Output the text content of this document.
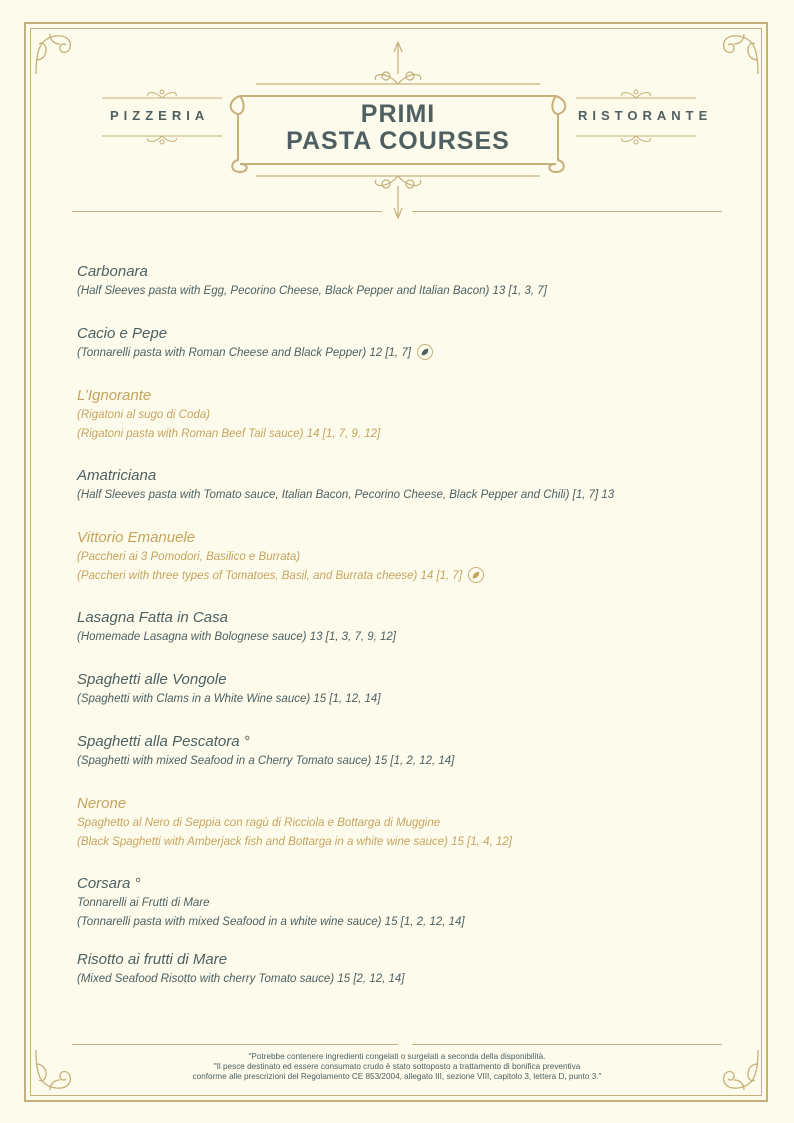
PIZZERIA	RISTORANTE
PRIMI
PASTA COURSES
Carbonara
(Half Sleeves pasta with Egg, Pecorino Cheese, Black Pepper and Italian Bacon) 13 [1, 3, 7]
Cacio e Pepe
(Tonnarelli pasta with Roman Cheese and Black Pepper) 12 [1, 7]
L’Ignorante
(Rigatoni al sugo di Coda)
(Rigatoni pasta with Roman Beef Tail sauce) 14 [1, 7, 9, 12]
Amatriciana
(Half Sleeves pasta with Tomato sauce, Italian Bacon, Pecorino Cheese, Black Pepper and Chili) [1, 7] 13
Vittorio Emanuele
(Paccheri ai 3 Pomodori, Basilico e Burrata)
(Paccheri with three types of Tomatoes, Basil, and Burrata cheese) 14 [1, 7]
Lasagna Fatta in Casa
(Homemade Lasagna with Bolognese sauce) 13 [1, 3, 7, 9, 12]
Spaghetti alle Vongole
(Spaghetti with Clams in a White Wine sauce) 15 [1, 12, 14]
Spaghetti alla Pescatora °
(Spaghetti with mixed Seafood in a Cherry Tomato sauce) 15 [1, 2, 12, 14]
Nerone
Spaghetto al Nero di Seppia con ragù di Ricciola e Bottarga di Muggine
(Black Spaghetti with Amberjack fish and Bottarga in a white wine sauce) 15 [1, 4, 12]
Corsara °
Tonnarelli ai Frutti di Mare
(Tonnarelli pasta with mixed Seafood in a white wine sauce) 15 [1, 2, 12, 14]
Risotto ai frutti di Mare
(Mixed Seafood Risotto with cherry Tomato sauce) 15 [2, 12, 14]
"Potrebbe contenere ingredienti congelati o surgelati a seconda della disponibilità.
"Il pesce destinato ed essere consumato crudo è stato sottoposto a trattamento di bonifica preventiva
conforme alle prescrizioni del Regolamento CE 853/2004, allegato III, sezione VIII, capitolo 3, lettera D, punto 3."
